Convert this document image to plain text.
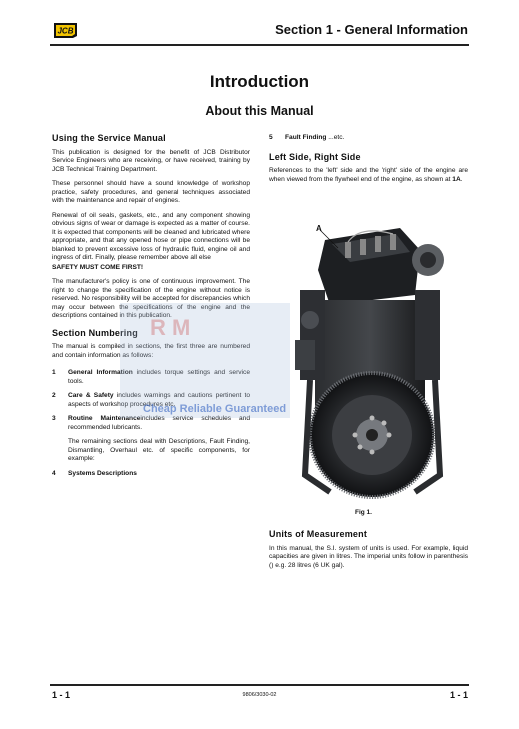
JCB	Section 1 - General Information
Introduction
About this Manual
Using the Service Manual

This publication is designed for the benefit of JCB Distributor Service Engineers who are receiving, or have received, training by JCB Technical Training Department.

These personnel should have a sound knowledge of workshop practice, safety procedures, and general techniques associated with the maintenance and repair of engines.

Renewal of oil seals, gaskets, etc., and any component showing obvious signs of wear or damage is expected as a matter of course. It is expected that components will be cleaned and lubricated where appropriate, and that any opened hose or pipe connections will be blanked to prevent excessive loss of hydraulic fluid, engine oil and ingress of dirt. Finally, please remember above all else

SAFETY MUST COME FIRST!

The manufacturer's policy is one of continuous improvement. The right to change the specification of the engine without notice is reserved. No responsibility will be accepted for discrepancies which may occur between the specifications of the engine and the descriptions contained in this publication.

Section Numbering

The manual is compiled in sections, the first three are numbered and contain information as follows:

1	General Information includes torque settings and service tools.
2	Care & Safety includes warnings and cautions pertinent to aspects of workshop procedures etc.
3	Routine Maintenanceincludes service schedules and recommended lubricants.

The remaining sections deal with Descriptions, Fault Finding, Dismantling, Overhaul etc. of specific components, for example:

4	Systems Descriptions
5	Fault Finding ...etc.
Left Side, Right Side

References to the 'left' side and the 'right' side of the engine are when viewed from the flywheel end of the engine, as shown at 1A.

A
Fig 1.
Units of Measurement

In this manual, the S.I. system of units is used. For example, liquid capacities are given in litres. The imperial units follow in parenthesis () e.g. 28 litres (6 UK gal).

R M
Cheap Reliable Guaranteed
1 - 1	9806/3030-02	1 - 1
